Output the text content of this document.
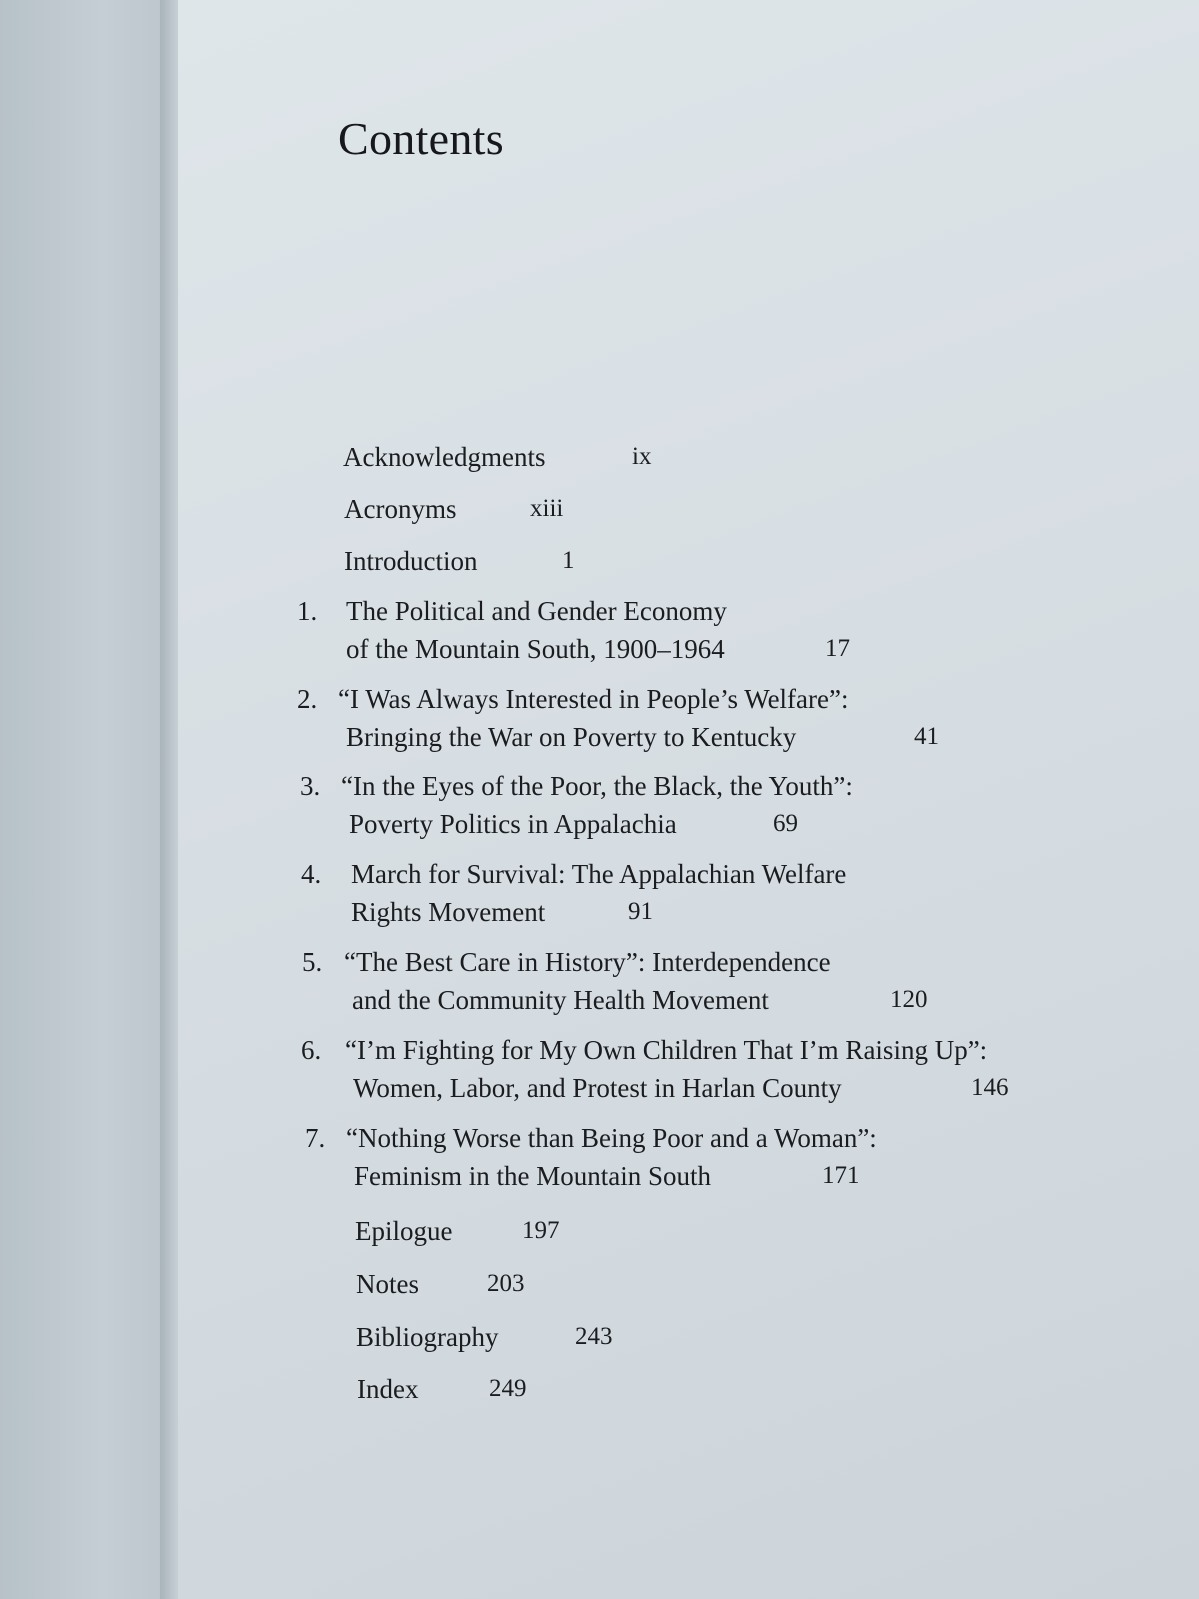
Contents
Acknowledgments	ix
Acronyms	xiii
Introduction	1
1. The Political and Gender Economy
of the Mountain South, 1900–1964	17
2. “I Was Always Interested in People’s Welfare”:
Bringing the War on Poverty to Kentucky	41
3. “In the Eyes of the Poor, the Black, the Youth”:
Poverty Politics in Appalachia	69
4. March for Survival: The Appalachian Welfare
Rights Movement	91
5. “The Best Care in History”: Interdependence
and the Community Health Movement	120
6. “I’m Fighting for My Own Children That I’m Raising Up”:
Women, Labor, and Protest in Harlan County	146
7. “Nothing Worse than Being Poor and a Woman”:
Feminism in the Mountain South	171
Epilogue	197
Notes	203
Bibliography	243
Index	249
